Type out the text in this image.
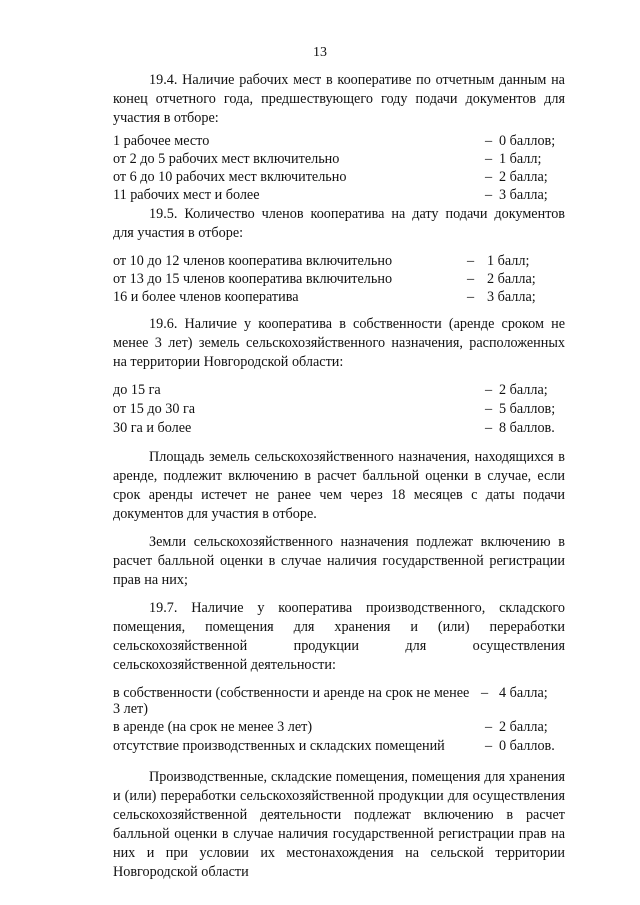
13

19.4. Наличие рабочих мест в кооперативе по отчетным данным на конец отчетного года, предшествующего году подачи документов для участия в отборе:

1 рабочее место	– 0 баллов;
от 2 до 5 рабочих мест включительно	– 1 балл;
от 6 до 10 рабочих мест включительно	– 2 балла;
11 рабочих мест и более	– 3 балла;

19.5. Количество членов кооператива на дату подачи документов для участия в отборе:

от 10 до 12 членов кооператива включительно	– 1 балл;
от 13 до 15 членов кооператива включительно	– 2 балла;
16 и более членов кооператива	– 3 балла;

19.6. Наличие у кооператива в собственности (аренде сроком не менее 3 лет) земель сельскохозяйственного назначения, расположенных на территории Новгородской области:

до 15 га	– 2 балла;
от 15 до 30 га	– 5 баллов;
30 га и более	– 8 баллов.

Площадь земель сельскохозяйственного назначения, находящихся в аренде, подлежит включению в расчет балльной оценки в случае, если срок аренды истечет не ранее чем через 18 месяцев с даты подачи документов для участия в отборе.

Земли сельскохозяйственного назначения подлежат включению в расчет балльной оценки в случае наличия государственной регистрации прав на них;

19.7. Наличие у кооператива производственного, складского помещения, помещения для хранения и (или) переработки сельскохозяйственной продукции для осуществления сельскохозяйственной деятельности:

в собственности (собственности и аренде на срок не менее 3 лет)
– 4 балла;
в аренде (на срок не менее 3 лет)	– 2 балла;
отсутствие производственных и складских помещений	– 0 баллов.

Производственные, складские помещения, помещения для хранения и (или) переработки сельскохозяйственной продукции для осуществления сельскохозяйственной деятельности подлежат включению в расчет балльной оценки в случае наличия государственной регистрации прав на них и при условии их местонахождения на сельской территории Новгородской области
